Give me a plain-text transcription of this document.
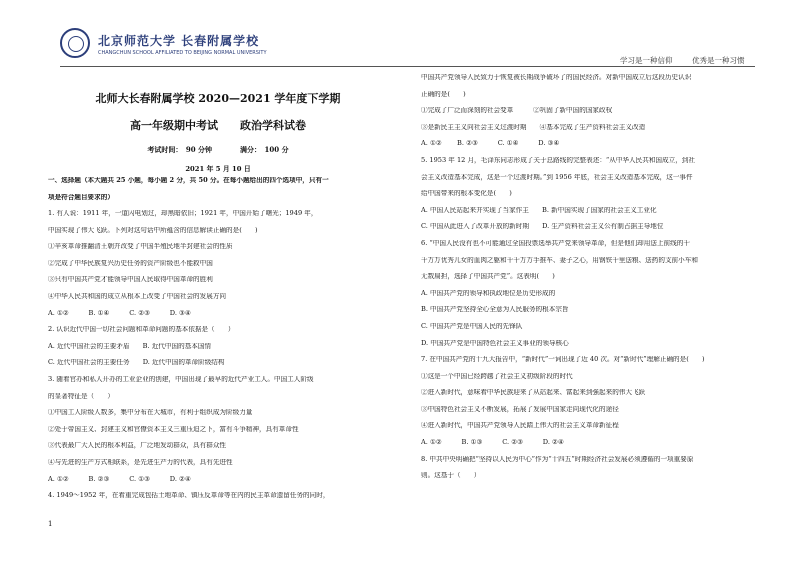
北京师范大学 长春附属学校
CHANGCHUN SCHOOL AFFILIATED TO BEIJING NORMAL UNIVERSITY
学习是一种信仰	优秀是一种习惯

北师大长春附属学校 2020—2021 学年度下学期

高一年级期中考试　　政治学科试卷

考试时间：　90 分钟　　　　满分：　100 分

2021 年 5 月 10 日

一、选择题（本大题共 25 小题，每小题 2 分，共 50 分。在每小题给出的四个选项中，只有一

项是符合题目要求的）

1. 有人说：1911 年，一道闪电划过，却黑暗依旧；1921 年，中国开始了曙光；1949 年，

中国实现了伟大飞跃。下列对这句话中所蕴含的信息解读正确的是(　　)

①辛亥革命推翻清王朝并改变了中国半殖民地半封建社会的性质

②完成了中华民族复兴历史任务的资产阶级也不能救中国

③只有中国共产党才能领导中国人民取得中国革命的胜利

④中华人民共和国的成立从根本上改变了中国社会的发展方向

A. ①②　　　B. ①④　　　C. ②③　　　D. ③④

2. 认识近代中国一切社会问题和革命问题的基本依据是（　　）

A. 近代中国社会的主要矛盾　　B. 近代中国的基本国情

C. 近代中国社会的主要任务　　D. 近代中国的革命阶级结构

3. 随着官办和私人开办的工业企业的创建，中国出现了最早的近代产业工人。中国工人阶级

的显著特征是（　　）

①中国工人阶级人数多，集中分布在大城市，有利于组织成为阶级力量

②处于帝国主义、封建主义和官僚资本主义三重压迫之下，富有斗争精神，具有革命性

③代表最广大人民的根本利益，广泛地发动群众，具有群众性

④与先进的生产方式相联系，是先进生产力的代表，具有先进性

A. ①②　　　B. ②③　　　C. ①③　　　D. ②④

4. 1949～1952 年，在着重完成包括土地革命、镇压反革命等在内的民主革命遗留任务的同时，

中国共产党领导人民致力于恢复被长期战争破坏了的国民经济。对新中国成立后这段历史认识

正确的是(　　)

①完成了广泛而深刻的社会变革　　　②巩固了新中国的国家政权

③是新民主主义向社会主义过渡时期　　④基本完成了生产资料社会主义改造

A. ①② 　　B. ②③　　　C. ①④　　　D. ③④

5. 1953 年 12 月，毛泽东同志形成了关于总路线的完整表述：“从中华人民共和国成立，到社

会主义改造基本完成，这是一个过渡时期。”到 1956 年底，社会主义改造基本完成，这一事件

给中国带来的根本变化是(　　)

A. 中国人民站起来并实现了当家作主　　B. 新中国实现了国家的社会主义工业化

C. 中国从此进入了改革开放的新时期　　D. 生产资料社会主义公有制占据主导地位

6. “中国人民没有也不可能通过全国投票选举共产党来领导革命，但是他们却用送上前线的千

千万万优秀儿女的血肉之躯和千千万万手推车、妻子之心，用钢铁千里送粮、送药的支前小车和

无数扁担，选择了中国共产党”。这表明(　　)

A. 中国共产党的领导和执政地位是历史形成的

B. 中国共产党坚持全心全意为人民服务的根本宗旨

C. 中国共产党是中国人民的先锋队

D. 中国共产党是中国特色社会主义事业的领导核心

7. 在中国共产党的十九大报告中，“新时代”一词出现了近 40 次。对“新时代”理解正确的是(　　)

①这是一个中国已经跨越了社会主义初级阶段的时代

②进入新时代，意味着中华民族迎来了从站起来、富起来到强起来的伟大飞跃

③中国特色社会主义不断发展，拓展了发展中国家走向现代化的途径

④进入新时代，中国共产党领导人民踏上伟大的社会主义革命新征程

A. ①②　　　B. ①③　　　C. ②③　　　D. ②④

8. 中共中央明确把“坚持以人民为中心”作为“十四五”时期经济社会发展必须遵循的一项重要原

则。这基于（　　）

1
